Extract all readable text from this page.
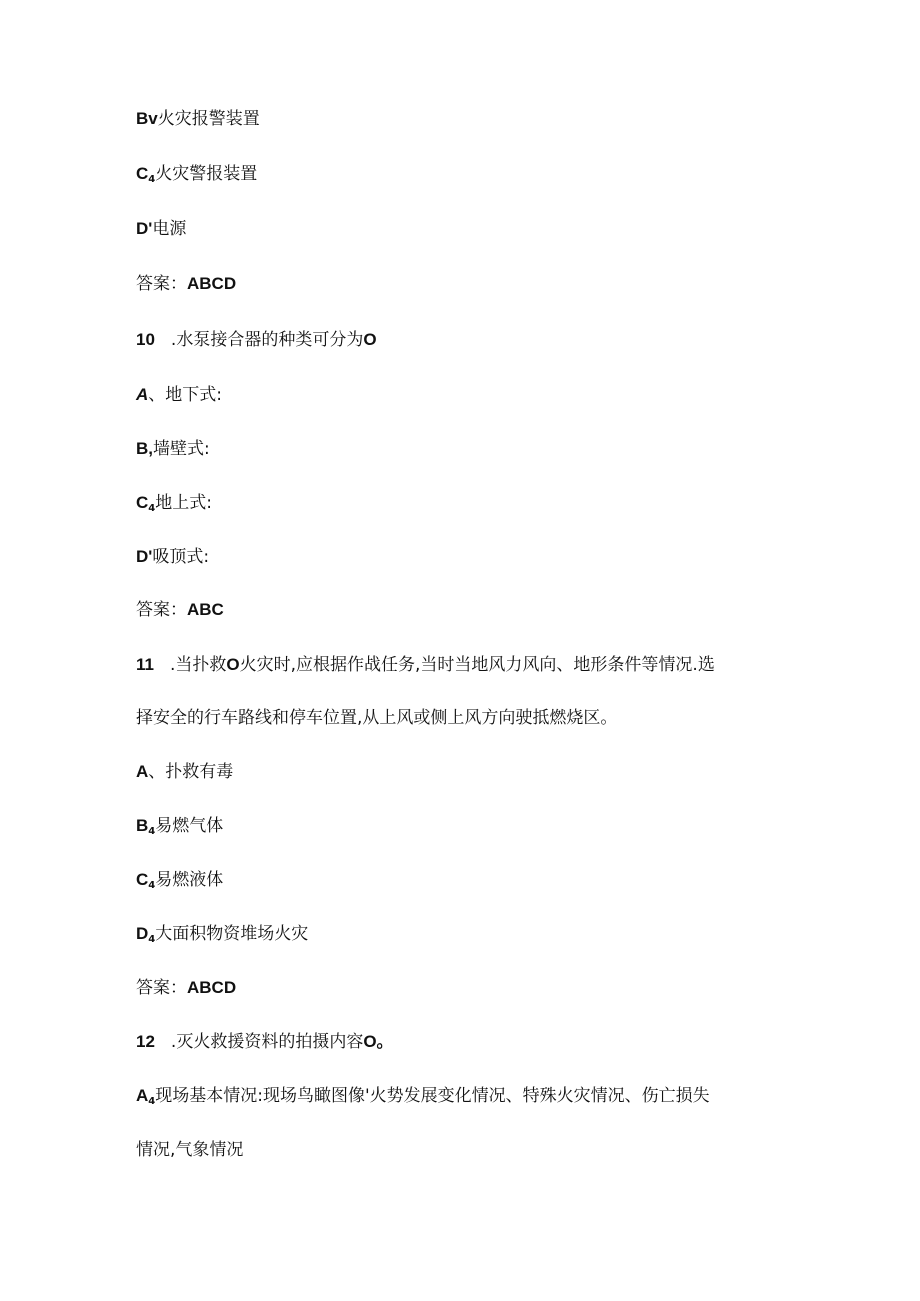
Bv火灾报警装置
$C_4$火灾警报装置
D'电源
答案：ABCD
10 .水泵接合器的种类可分为O
A、地下式:
B,墙壁式:
$C_4$地上式:
D'吸顶式:
答案：ABC
11 .当扑救O火灾时,应根据作战任务,当时当地风力风向、地形条件等情况.选
择安全的行车路线和停车位置,从上风或侧上风方向驶抵燃烧区。
A、扑救有毒
$B_4$易燃气体
$C_4$易燃液体
$D_4$大面积物资堆场火灾
答案：ABCD
12 .灭火救援资料的拍摄内容O。
$A_4$现场基本情况:现场鸟瞰图像'火势发展变化情况、特殊火灾情况、伤亡损失
情况,气象情况
